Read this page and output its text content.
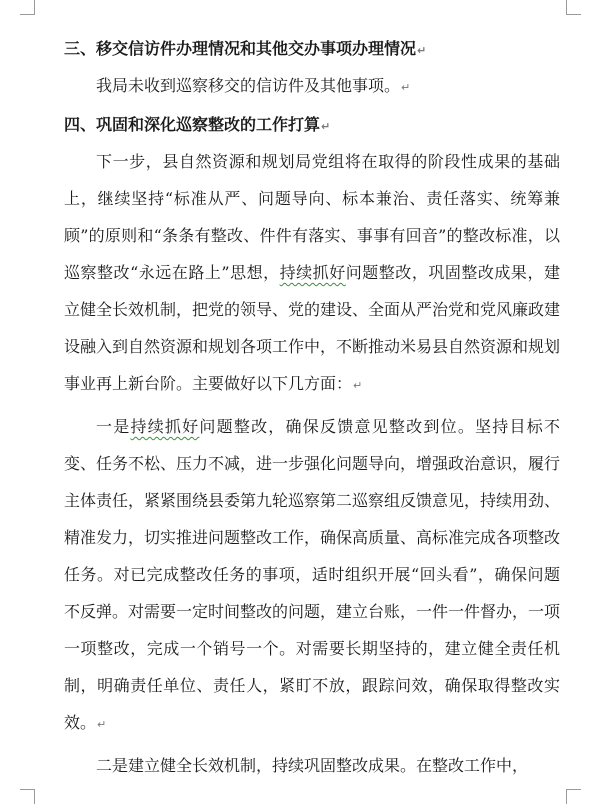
三、移交信访件办理情况和其他交办事项办理情况↵
我局未收到巡察移交的信访件及其他事项。↵
四、巩固和深化巡察整改的工作打算↵
下一步，县自然资源和规划局党组将在取得的阶段性成果的基础上，继续坚持“标准从严、问题导向、标本兼治、责任落实、统筹兼顾”的原则和“条条有整改、件件有落实、事事有回音”的整改标准，以巡察整改“永远在路上”思想，持续抓好问题整改，巩固整改成果，建立健全长效机制，把党的领导、党的建设、全面从严治党和党风廉政建设融入到自然资源和规划各项工作中，不断推动米易县自然资源和规划事业再上新台阶。主要做好以下几方面：↵
一是持续抓好问题整改，确保反馈意见整改到位。坚持目标不变、任务不松、压力不减，进一步强化问题导向，增强政治意识，履行主体责任，紧紧围绕县委第九轮巡察第二巡察组反馈意见，持续用劲、精准发力，切实推进问题整改工作，确保高质量、高标准完成各项整改任务。对已完成整改任务的事项，适时组织开展“回头看”，确保问题不反弹。对需要一定时间整改的问题，建立台账，一件一件督办，一项一项整改，完成一个销号一个。对需要长期坚持的，建立健全责任机制，明确责任单位、责任人，紧盯不放，跟踪问效，确保取得整改实效。↵
二是建立健全长效机制，持续巩固整改成果。在整改工作中，
